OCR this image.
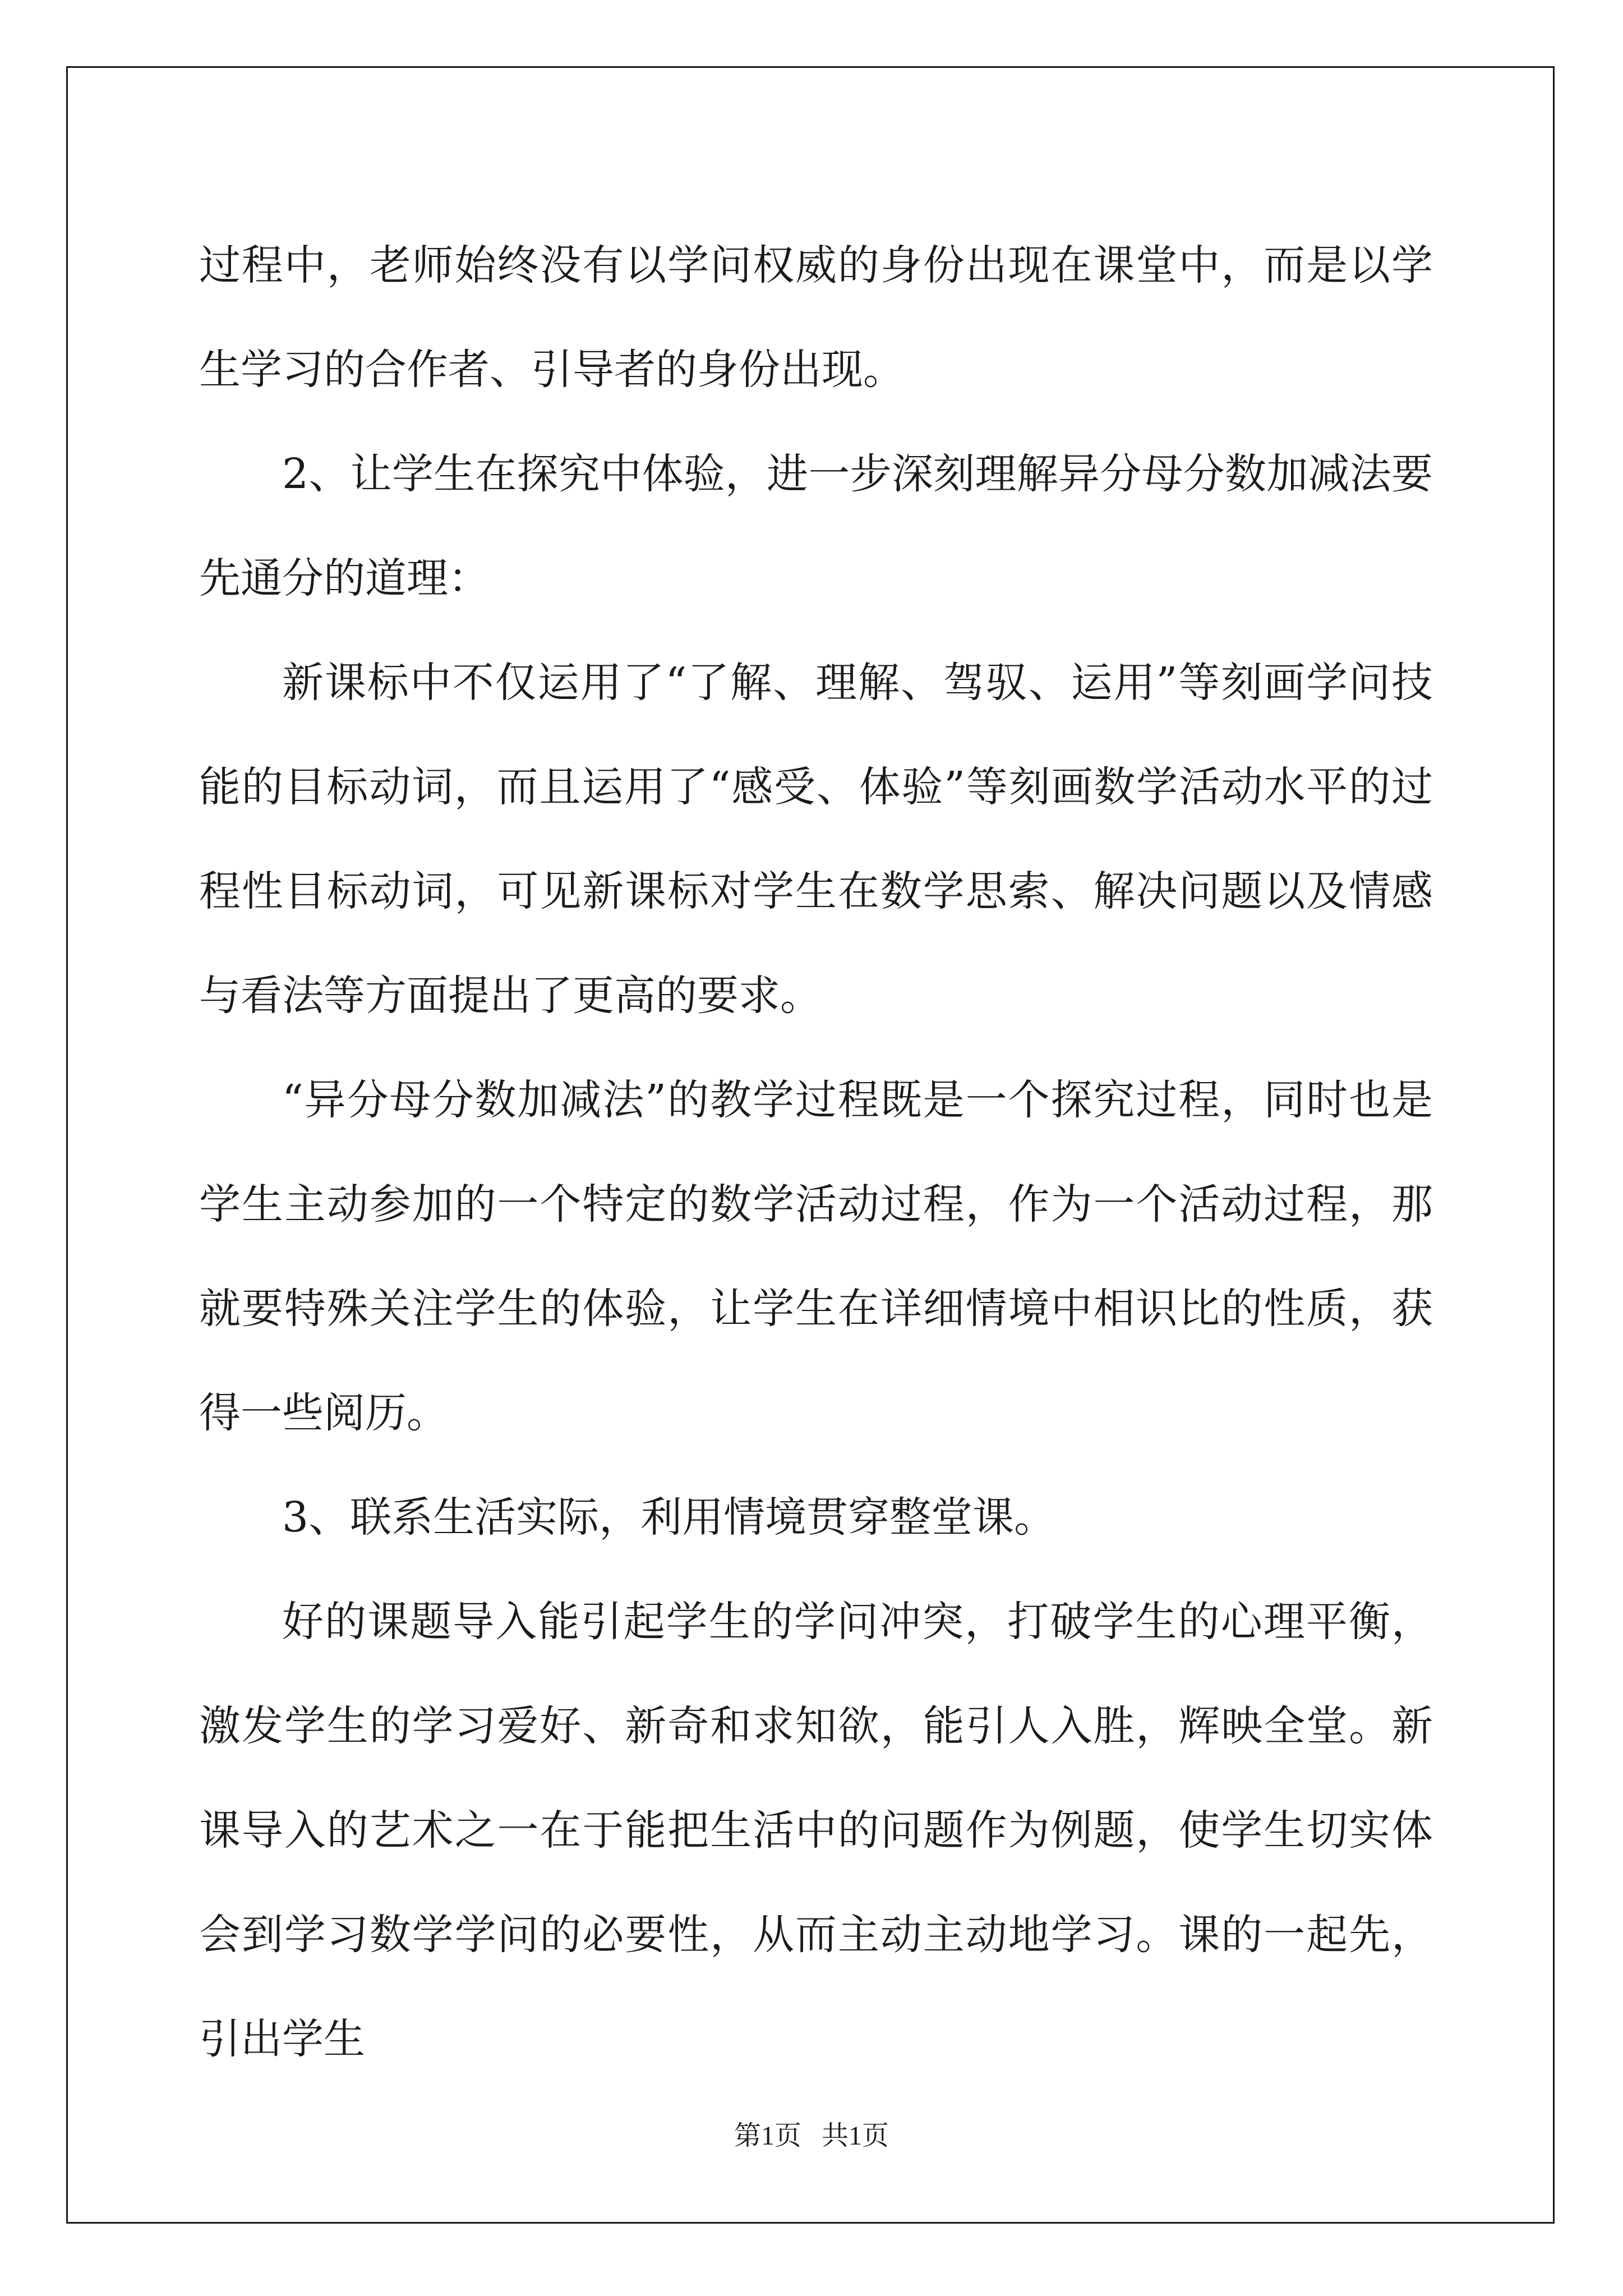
过程中，老师始终没有以学问权威的身份出现在课堂中，而是以学生学习的合作者、引导者的身份出现。

2、让学生在探究中体验，进一步深刻理解异分母分数加减法要先通分的道理：

新课标中不仅运用了“了解、理解、驾驭、运用”等刻画学问技能的目标动词，而且运用了“感受、体验”等刻画数学活动水平的过程性目标动词，可见新课标对学生在数学思索、解决问题以及情感与看法等方面提出了更高的要求。

“异分母分数加减法”的教学过程既是一个探究过程，同时也是学生主动参加的一个特定的数学活动过程，作为一个活动过程，那就要特殊关注学生的体验，让学生在详细情境中相识比的性质，获得一些阅历。

3、联系生活实际，利用情境贯穿整堂课。

好的课题导入能引起学生的学问冲突，打破学生的心理平衡，激发学生的学习爱好、新奇和求知欲，能引人入胜，辉映全堂。新课导入的艺术之一在于能把生活中的问题作为例题，使学生切实体会到学习数学学问的必要性，从而主动主动地学习。课的一起先，引出学生

第1页   共1页
